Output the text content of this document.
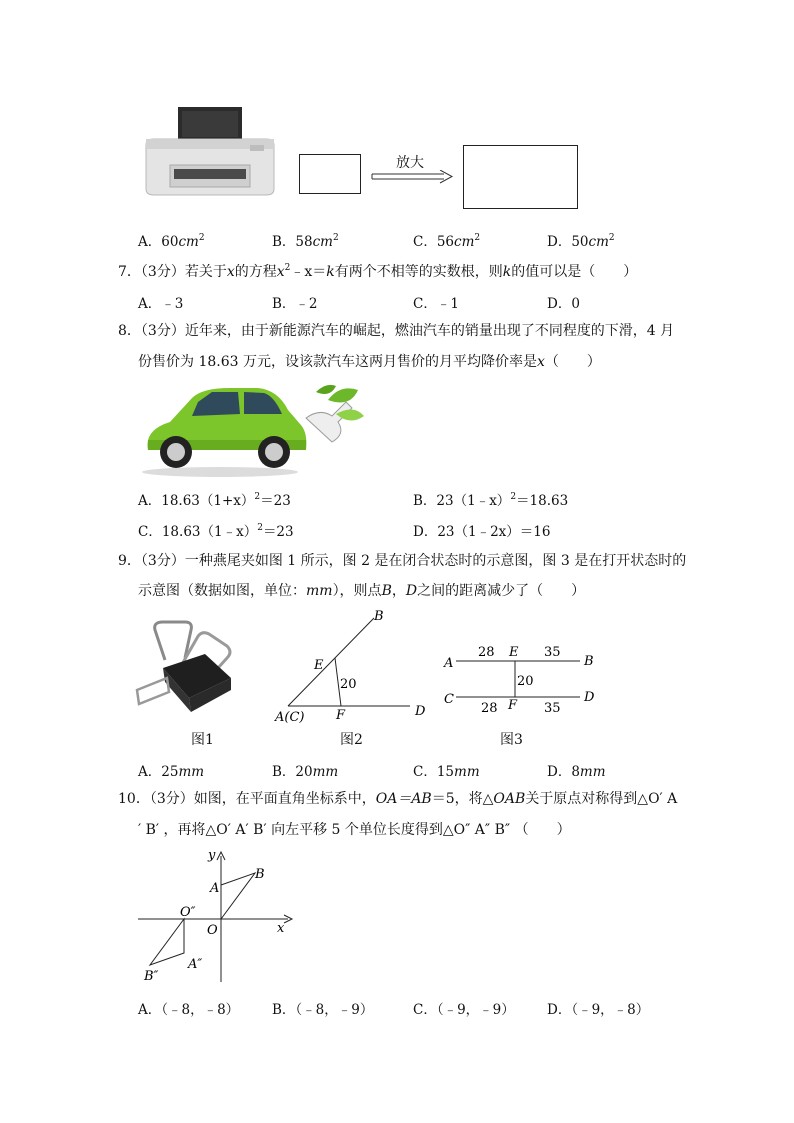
放大
A．$60cm^2$	B．$58cm^2$	C．$56cm^2$	D．$50cm^2$
7．（3分）若关于x的方程$x^2﹣x=k$有两个不相等的实数根，则k的值可以是（　　）
A．﹣3	B．﹣2	C．﹣1	D．0
8．（3分）近年来，由于新能源汽车的崛起，燃油汽车的销量出现了不同程度的下滑，4 月
份售价为 18.63 万元，设该款汽车这两月售价的月平均降价率是x（　　）
A．$18.63(1+x)^2=23$	B．23（1﹣x）$^2$＝18.63
C．18.63（1﹣x）$^2$＝23	D．23（1﹣2x）＝16
9．（3分）一种燕尾夹如图 1 所示，图 2 是在闭合状态时的示意图，图 3 是在打开状态时的
示意图（数据如图，单位：mm），则点B，D之间的距离减少了（　　）
图1
B
E
20
A(C) F	D
图2
A
28 E 35
B
20
C
28 F 35
D
图3
A．25mm	B．20mm	C．15mm	D．8mm
10．（3分）如图，在平面直角坐标系中，OA＝AB＝5，将△OAB关于原点对称得到△O′ A
′ B′ ，再将△O′ A′ B′ 向左平移 5 个单位长度得到△O″ A″ B″ （　　）
y
x
A
B
O
O″
A″
B″
A．（﹣8，﹣8） B．（﹣8，﹣9）	C．（﹣9，﹣9） D．（﹣9，﹣8）
